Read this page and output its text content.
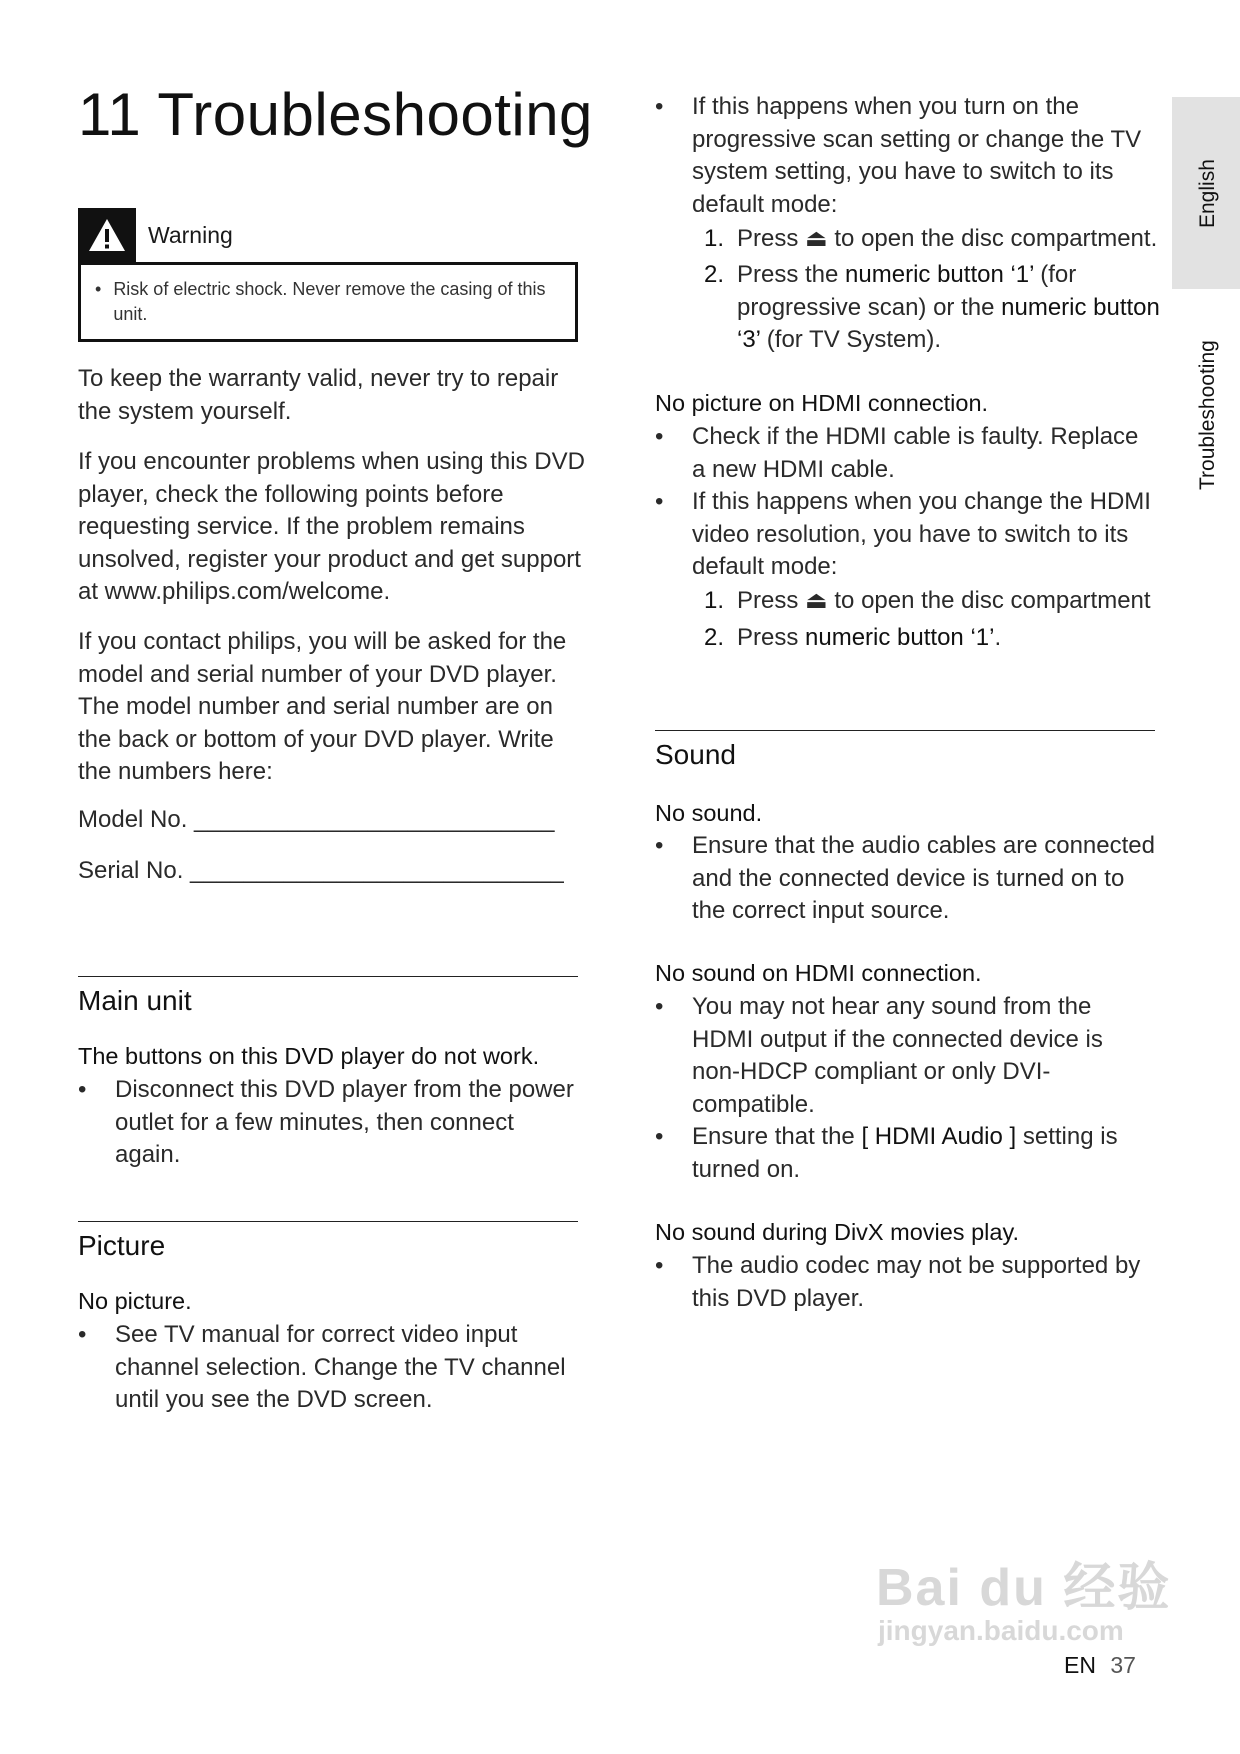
11 Troubleshooting
Warning
• Risk of electric shock. Never remove the casing of this unit.

To keep the warranty valid, never try to repair the system yourself.

If you encounter problems when using this DVD player, check the following points before requesting service. If the problem remains unsolved, register your product and get support at www.philips.com/welcome.

If you contact philips, you will be asked for the model and serial number of your DVD player. The model number and serial number are on the back or bottom of your DVD player. Write the numbers here:

Model No. ___________________________

Serial No. ____________________________

Main unit
The buttons on this DVD player do not work.
•	Disconnect this DVD player from the power outlet for a few minutes, then connect again.
Picture
No picture.
•	See TV manual for correct video input channel selection. Change the TV channel until you see the DVD screen.
•	If this happens when you turn on the progressive scan setting or change the TV system setting, you have to switch to its default mode:
1. Press ⏏ to open the disc compartment.
2. Press the numeric button ‘1’ (for progressive scan) or the numeric button ‘3’ (for TV System).
No picture on HDMI connection.
•	Check if the HDMI cable is faulty. Replace a new HDMI cable.
•	If this happens when you change the HDMI video resolution, you have to switch to its default mode:
1. Press ⏏ to open the disc compartment
2. Press numeric button ‘1’.
Sound
No sound.
•	Ensure that the audio cables are connected and the connected device is turned on to the correct input source.
No sound on HDMI connection.
•	You may not hear any sound from the HDMI output if the connected device is non-HDCP compliant or only DVI-compatible.
•	Ensure that the [ HDMI Audio ] setting is turned on.
No sound during DivX movies play.
•	The audio codec may not be supported by this DVD player.
English
Troubleshooting
Bai du 经验
jingyan.baidu.com
EN 37
